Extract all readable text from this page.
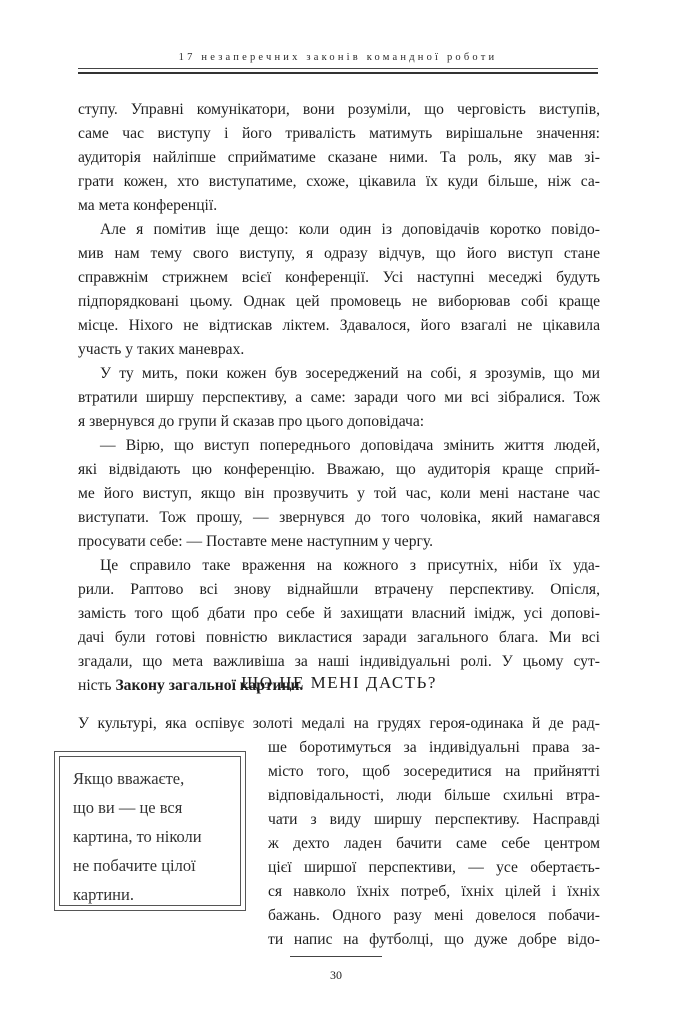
17 незаперечних законів командної роботи
ступу. Управні комунікатори, вони розуміли, що черговість виступів,
саме час виступу і його тривалість матимуть вирішальне значення:
аудиторія найліпше сприйматиме сказане ними. Та роль, яку мав зі-
грати кожен, хто виступатиме, схоже, цікавила їх куди більше, ніж са-
ма мета конференції.
Але я помітив іще дещо: коли один із доповідачів коротко повідо-
мив нам тему свого виступу, я одразу відчув, що його виступ стане
справжнім стрижнем всієї конференції. Усі наступні меседжі будуть
підпорядковані цьому. Однак цей промовець не виборював собі краще
місце. Ніхого не відтискав ліктем. Здавалося, його взагалі не цікавила
участь у таких маневрах.
У ту мить, поки кожен був зосереджений на собі, я зрозумів, що ми
втратили ширшу перспективу, а саме: заради чого ми всі зібралися. Тож
я звернувся до групи й сказав про цього доповідача:
— Вірю, що виступ попереднього доповідача змінить життя людей,
які відвідають цю конференцію. Вважаю, що аудиторія краще сприй-
ме його виступ, якщо він прозвучить у той час, коли мені настане час
виступати. Тож прошу, — звернувся до того чоловіка, який намагався
просувати себе: — Поставте мене наступним у чергу.
Це справило таке враження на кожного з присутніх, ніби їх уда-
рили. Раптово всі знову віднайшли втрачену перспективу. Опісля,
замість того щоб дбати про себе й захищати власний імідж, усі допові-
дачі були готові повністю викластися заради загального блага. Ми всі
згадали, що мета важливіша за наші індивідуальні ролі. У цьому сут-
ність Закону загальної картини.
ЩО ЦЕ МЕНІ ДАСТЬ?
У культурі, яка оспівує золоті медалі на грудях героя-одинака й де рад-
ше боротимуться за індивідуальні права за-
місто того, щоб зосередитися на прийнятті
відповідальності, люди більше схильні втра-
чати з виду ширшу перспективу. Насправді
ж дехто ладен бачити саме себе центром
цієї ширшої перспективи, — усе обертаєть-
ся навколо їхніх потреб, їхніх цілей і їхніх
бажань. Одного разу мені довелося побачи-
ти напис на футболці, що дуже добре відо-
Якщо вважаєте,
що ви — це вся
картина, то ніколи
не побачите цілої
картини.
30
